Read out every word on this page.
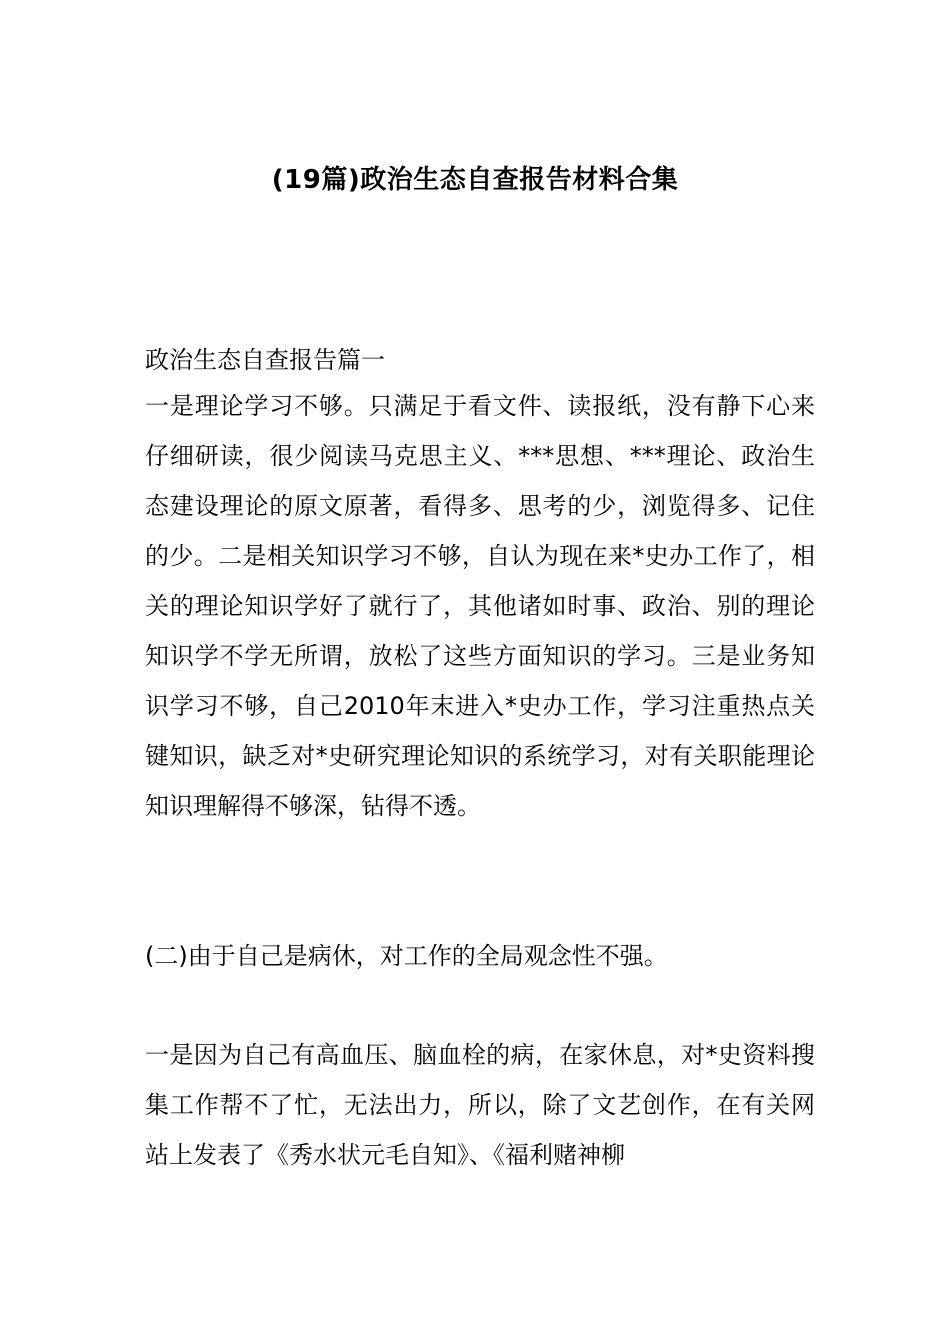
(19篇)政治生态自查报告材料合集
政治生态自查报告篇一
一是理论学习不够。只满足于看文件、读报纸，没有静下心来仔细研读，很少阅读马克思主义、***思想、***理论、政治生态建设理论的原文原著，看得多、思考的少，浏览得多、记住的少。二是相关知识学习不够，自认为现在来*史办工作了，相关的理论知识学好了就行了，其他诸如时事、政治、别的理论知识学不学无所谓，放松了这些方面知识的学习。三是业务知识学习不够，自己2010年末进入*史办工作，学习注重热点关键知识，缺乏对*史研究理论知识的系统学习，对有关职能理论知识理解得不够深，钻得不透。
(二)由于自己是病休，对工作的全局观念性不强。
一是因为自己有高血压、脑血栓的病，在家休息，对*史资料搜集工作帮不了忙，无法出力，所以，除了文艺创作，在有关网站上发表了《秀水状元毛自知》、《福利赌神柳
